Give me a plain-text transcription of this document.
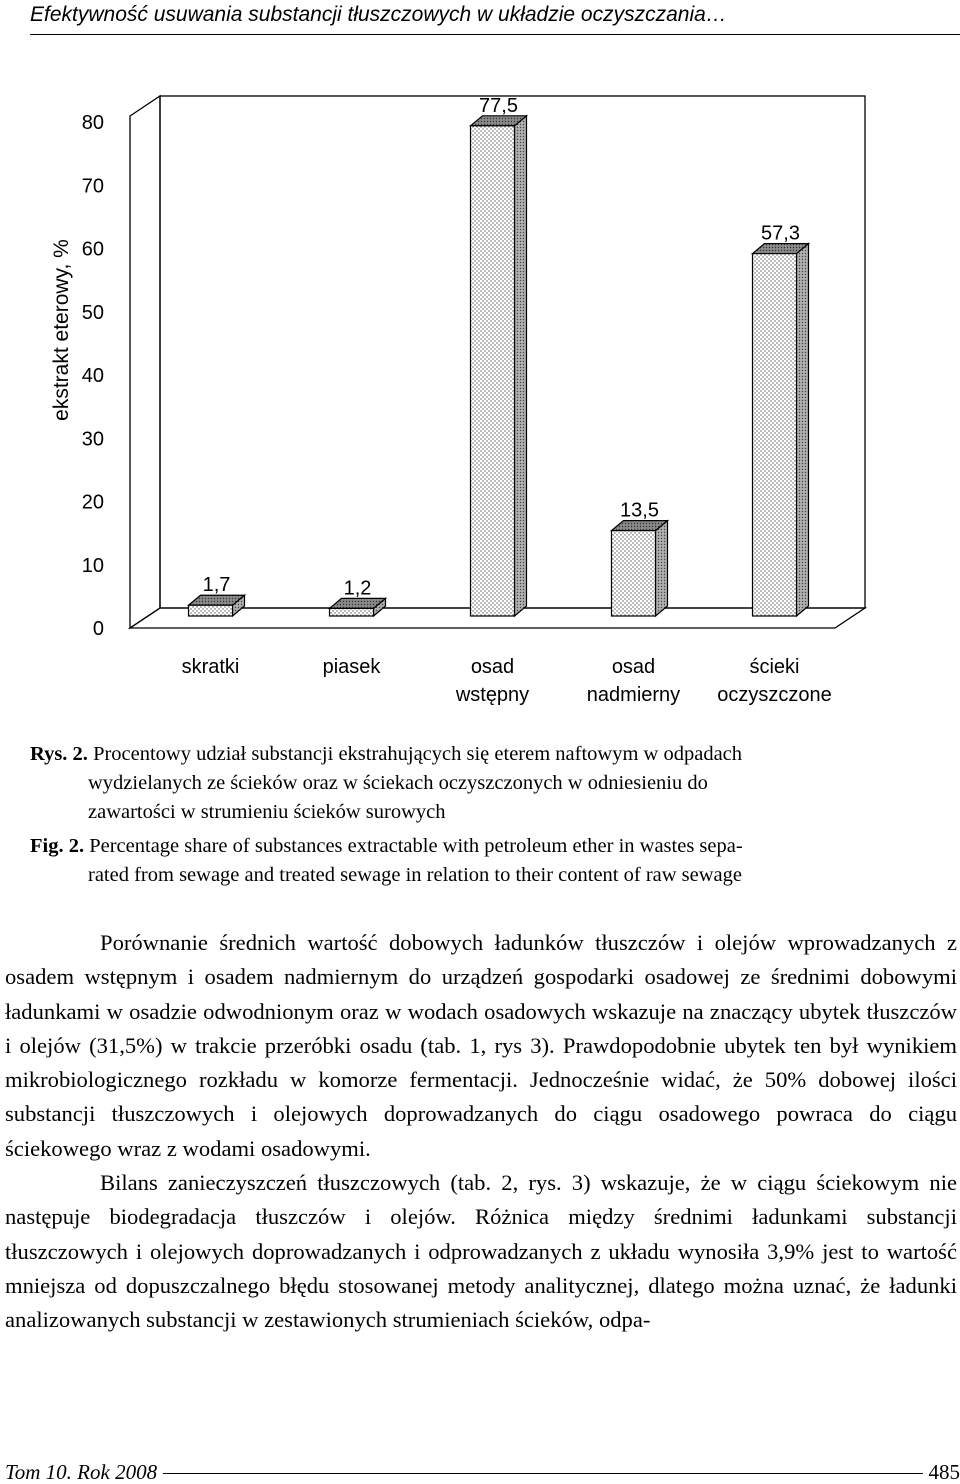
Efektywność usuwania substancji tłuszczowych w układzie oczyszczania…
0
10
20
30
40
50
60
70
80
ekstrakt eterowy, %
1,7	1,2
77,5
13,5
57,3
skratki	piasek	osad
wstępny
osad
nadmierny
ścieki
oczyszczone
Rys. 2. Procentowy udział substancji ekstrahujących się eterem naftowym w odpadach
wydzielanych ze ścieków oraz w ściekach oczyszczonych w odniesieniu do
zawartości w strumieniu ścieków surowych
Fig. 2. Percentage share of substances extractable with petroleum ether in wastes sepa-
rated from sewage and treated sewage in relation to their content of raw sewage

Porównanie średnich wartość dobowych ładunków tłuszczów i olejów wprowadzanych z osadem wstępnym i osadem nadmiernym do urządzeń gospodarki osadowej ze średnimi dobowymi ładunkami w osadzie odwodnionym oraz w wodach osadowych wskazuje na znaczący ubytek tłuszczów i olejów (31,5%) w trakcie przeróbki osadu (tab. 1, rys 3). Prawdopodobnie ubytek ten był wynikiem mikrobiologicznego rozkładu w komorze fermentacji. Jednocześnie widać, że 50% dobowej ilości substancji tłuszczowych i olejowych doprowadzanych do ciągu osadowego powraca do ciągu ściekowego wraz z wodami osadowymi.

Bilans zanieczyszczeń tłuszczowych (tab. 2, rys. 3) wskazuje, że w ciągu ściekowym nie następuje biodegradacja tłuszczów i olejów. Różnica między średnimi ładunkami substancji tłuszczowych i olejowych doprowadzanych i odprowadzanych z układu wynosiła 3,9% jest to wartość mniejsza od dopuszczalnego błędu stosowanej metody analitycznej, dlatego można uznać, że ładunki analizowanych substancji w zestawionych strumieniach ścieków, odpa-

Tom 10. Rok 2008	485
